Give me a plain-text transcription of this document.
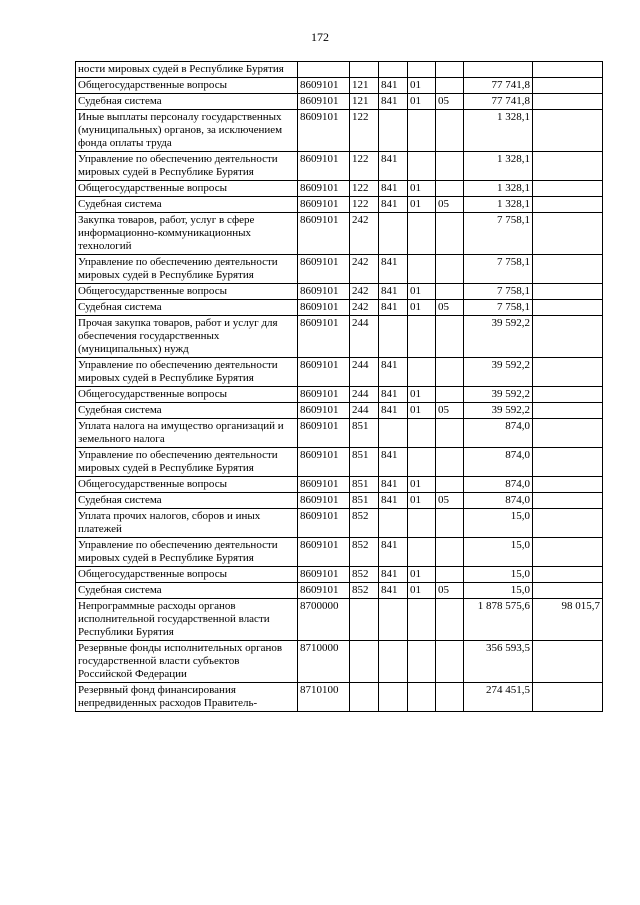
172
ности мировых судей в Республике Бурятия							
Общегосударственные вопросы	8609101	121	841	01		77 741,8	
Судебная система	8609101	121	841	01	05	77 741,8	
Иные выплаты персоналу государственных (муниципальных) органов, за исключением фонда оплаты труда	8609101	122				1 328,1	
Управление по обеспечению деятельности мировых судей в Республике Бурятия	8609101	122	841			1 328,1	
Общегосударственные вопросы	8609101	122	841	01		1 328,1	
Судебная система	8609101	122	841	01	05	1 328,1	
Закупка товаров, работ, услуг в сфере информационно-коммуникационных технологий	8609101	242				7 758,1	
Управление по обеспечению деятельности мировых судей в Республике Бурятия	8609101	242	841			7 758,1	
Общегосударственные вопросы	8609101	242	841	01		7 758,1	
Судебная система	8609101	242	841	01	05	7 758,1	
Прочая закупка товаров, работ и услуг для обеспечения государственных (муниципальных) нужд	8609101	244				39 592,2	
Управление по обеспечению деятельности мировых судей в Республике Бурятия	8609101	244	841			39 592,2	
Общегосударственные вопросы	8609101	244	841	01		39 592,2	
Судебная система	8609101	244	841	01	05	39 592,2	
Уплата налога на имущество организаций и земельного налога	8609101	851				874,0	
Управление по обеспечению деятельности мировых судей в Республике Бурятия	8609101	851	841			874,0	
Общегосударственные вопросы	8609101	851	841	01		874,0	
Судебная система	8609101	851	841	01	05	874,0	
Уплата прочих налогов, сборов и иных платежей	8609101	852				15,0	
Управление по обеспечению деятельности мировых судей в Республике Бурятия	8609101	852	841			15,0	
Общегосударственные вопросы	8609101	852	841	01		15,0	
Судебная система	8609101	852	841	01	05	15,0	
Непрограммные расходы органов исполнительной государственной власти Республики Бурятия	8700000					1 878 575,6	98 015,7
Резервные фонды исполнительных органов государственной власти субъектов Российской Федерации	8710000					356 593,5	
Резервный фонд финансирования непредвиденных расходов Правитель-	8710100					274 451,5	
